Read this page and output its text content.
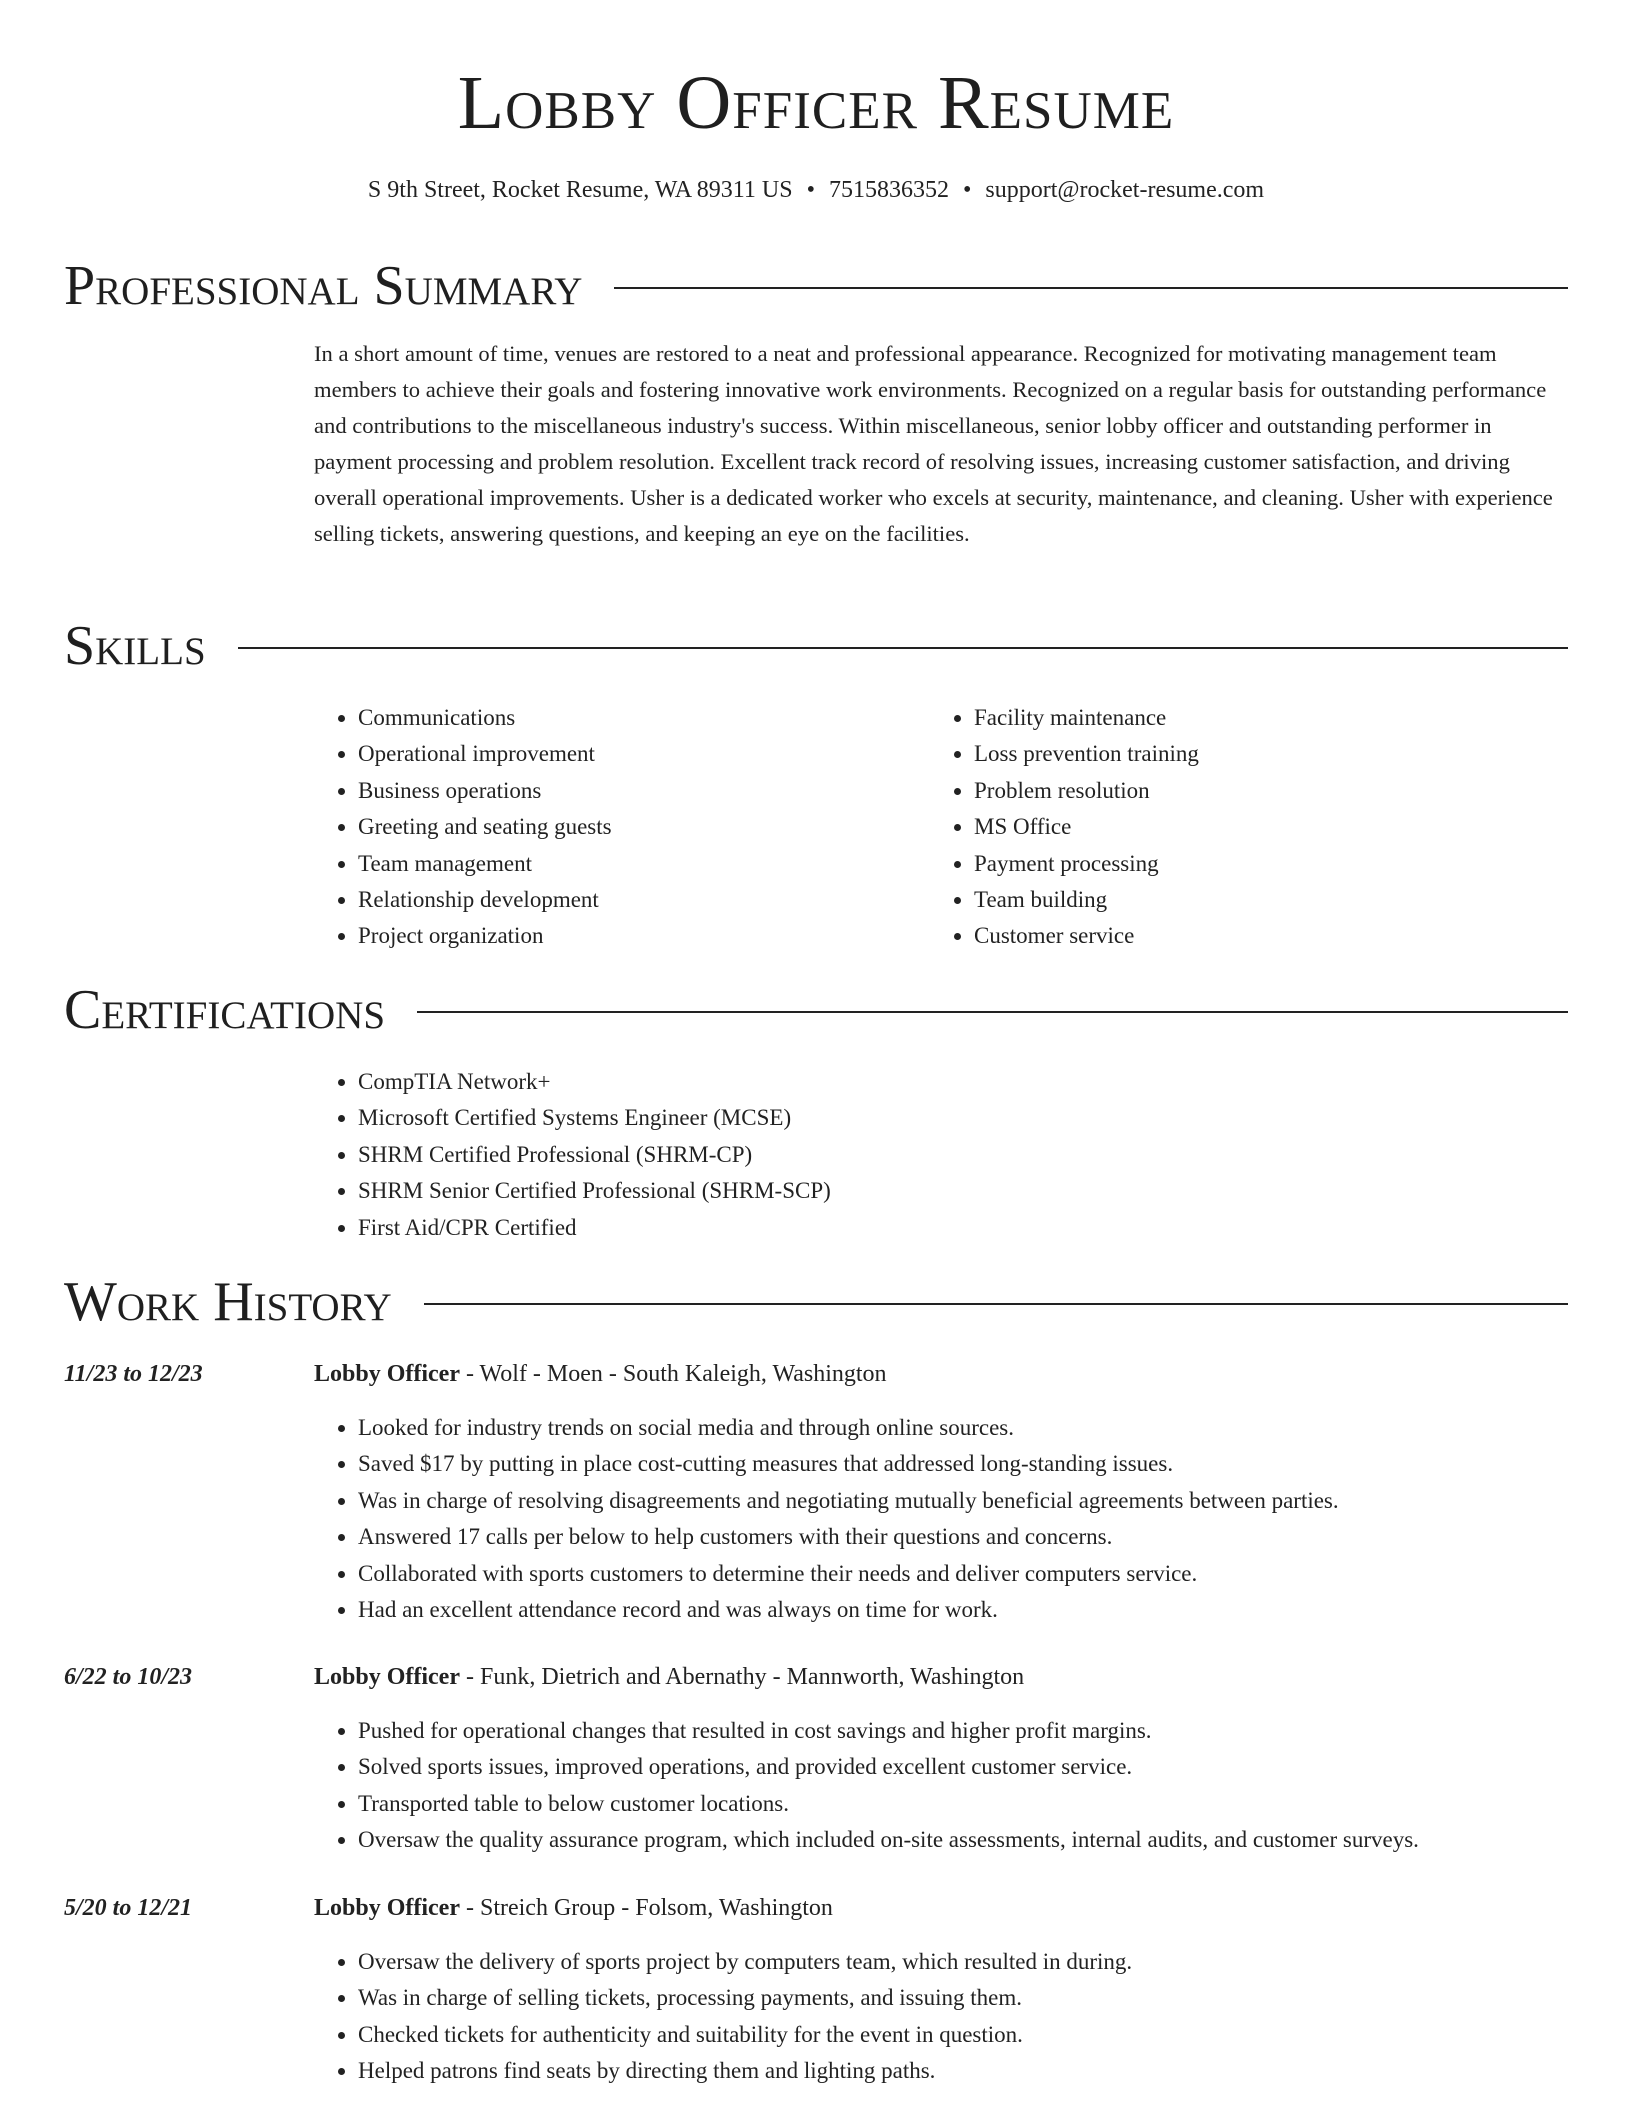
Lobby Officer Resume
S 9th Street, Rocket Resume, WA 89311 US • 7515836352 • support@rocket-resume.com
Professional Summary

In a short amount of time, venues are restored to a neat and professional appearance. Recognized for motivating management team members to achieve their goals and fostering innovative work environments. Recognized on a regular basis for outstanding performance and contributions to the miscellaneous industry's success. Within miscellaneous, senior lobby officer and outstanding performer in payment processing and problem resolution. Excellent track record of resolving issues, increasing customer satisfaction, and driving overall operational improvements. Usher is a dedicated worker who excels at security, maintenance, and cleaning. Usher with experience selling tickets, answering questions, and keeping an eye on the facilities.

Skills
• Communications
• Operational improvement
• Business operations
• Greeting and seating guests
• Team management
• Relationship development
• Project organization
• Facility maintenance
• Loss prevention training
• Problem resolution
• MS Office
• Payment processing
• Team building
• Customer service
Certifications
• CompTIA Network+
• Microsoft Certified Systems Engineer (MCSE)
• SHRM Certified Professional (SHRM-CP)
• SHRM Senior Certified Professional (SHRM-SCP)
• First Aid/CPR Certified
Work History
11/23 to 12/23	Lobby Officer - Wolf - Moen - South Kaleigh, Washington
• Looked for industry trends on social media and through online sources.
• Saved $17 by putting in place cost-cutting measures that addressed long-standing issues.
• Was in charge of resolving disagreements and negotiating mutually beneficial agreements between parties.
• Answered 17 calls per below to help customers with their questions and concerns.
• Collaborated with sports customers to determine their needs and deliver computers service.
• Had an excellent attendance record and was always on time for work.
6/22 to 10/23	Lobby Officer - Funk, Dietrich and Abernathy - Mannworth, Washington
• Pushed for operational changes that resulted in cost savings and higher profit margins.
• Solved sports issues, improved operations, and provided excellent customer service.
• Transported table to below customer locations.
• Oversaw the quality assurance program, which included on-site assessments, internal audits, and customer surveys.
5/20 to 12/21	Lobby Officer - Streich Group - Folsom, Washington
• Oversaw the delivery of sports project by computers team, which resulted in during.
• Was in charge of selling tickets, processing payments, and issuing them.
• Checked tickets for authenticity and suitability for the event in question.
• Helped patrons find seats by directing them and lighting paths.
